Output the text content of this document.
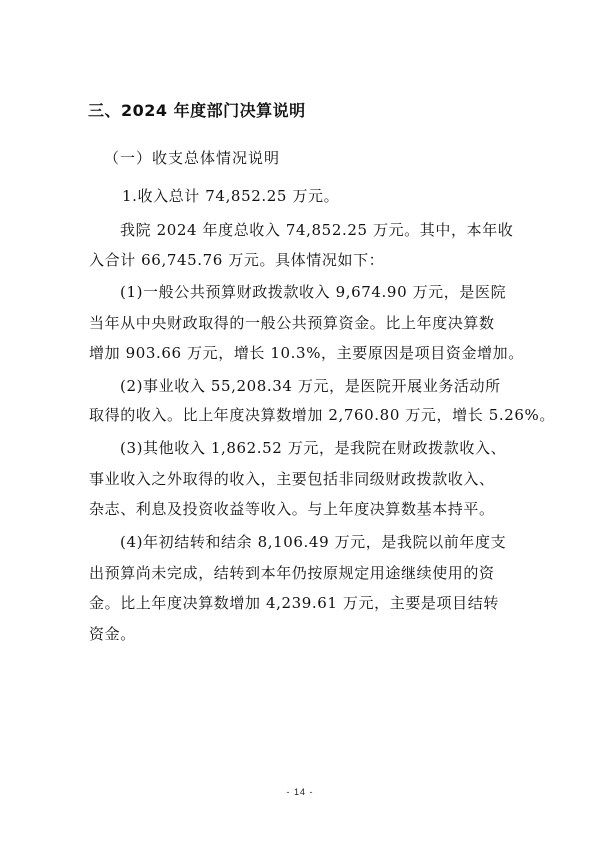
三、2024 年度部门决算说明
（一）收支总体情况说明
1.收入总计 74,852.25 万元。
我院 2024 年度总收入 74,852.25 万元。其中，本年收
入合计 66,745.76 万元。具体情况如下：
(1)一般公共预算财政拨款收入 9,674.90 万元，是医院
当年从中央财政取得的一般公共预算资金。比上年度决算数
增加 903.66 万元，增长 10.3%，主要原因是项目资金增加。
(2)事业收入 55,208.34 万元，是医院开展业务活动所
取得的收入。比上年度决算数增加 2,760.80 万元，增长 5.26%。
(3)其他收入 1,862.52 万元，是我院在财政拨款收入、
事业收入之外取得的收入，主要包括非同级财政拨款收入、
杂志、利息及投资收益等收入。与上年度决算数基本持平。
(4)年初结转和结余 8,106.49 万元，是我院以前年度支
出预算尚未完成，结转到本年仍按原规定用途继续使用的资
金。比上年度决算数增加 4,239.61 万元，主要是项目结转
资金。
- 14 -
